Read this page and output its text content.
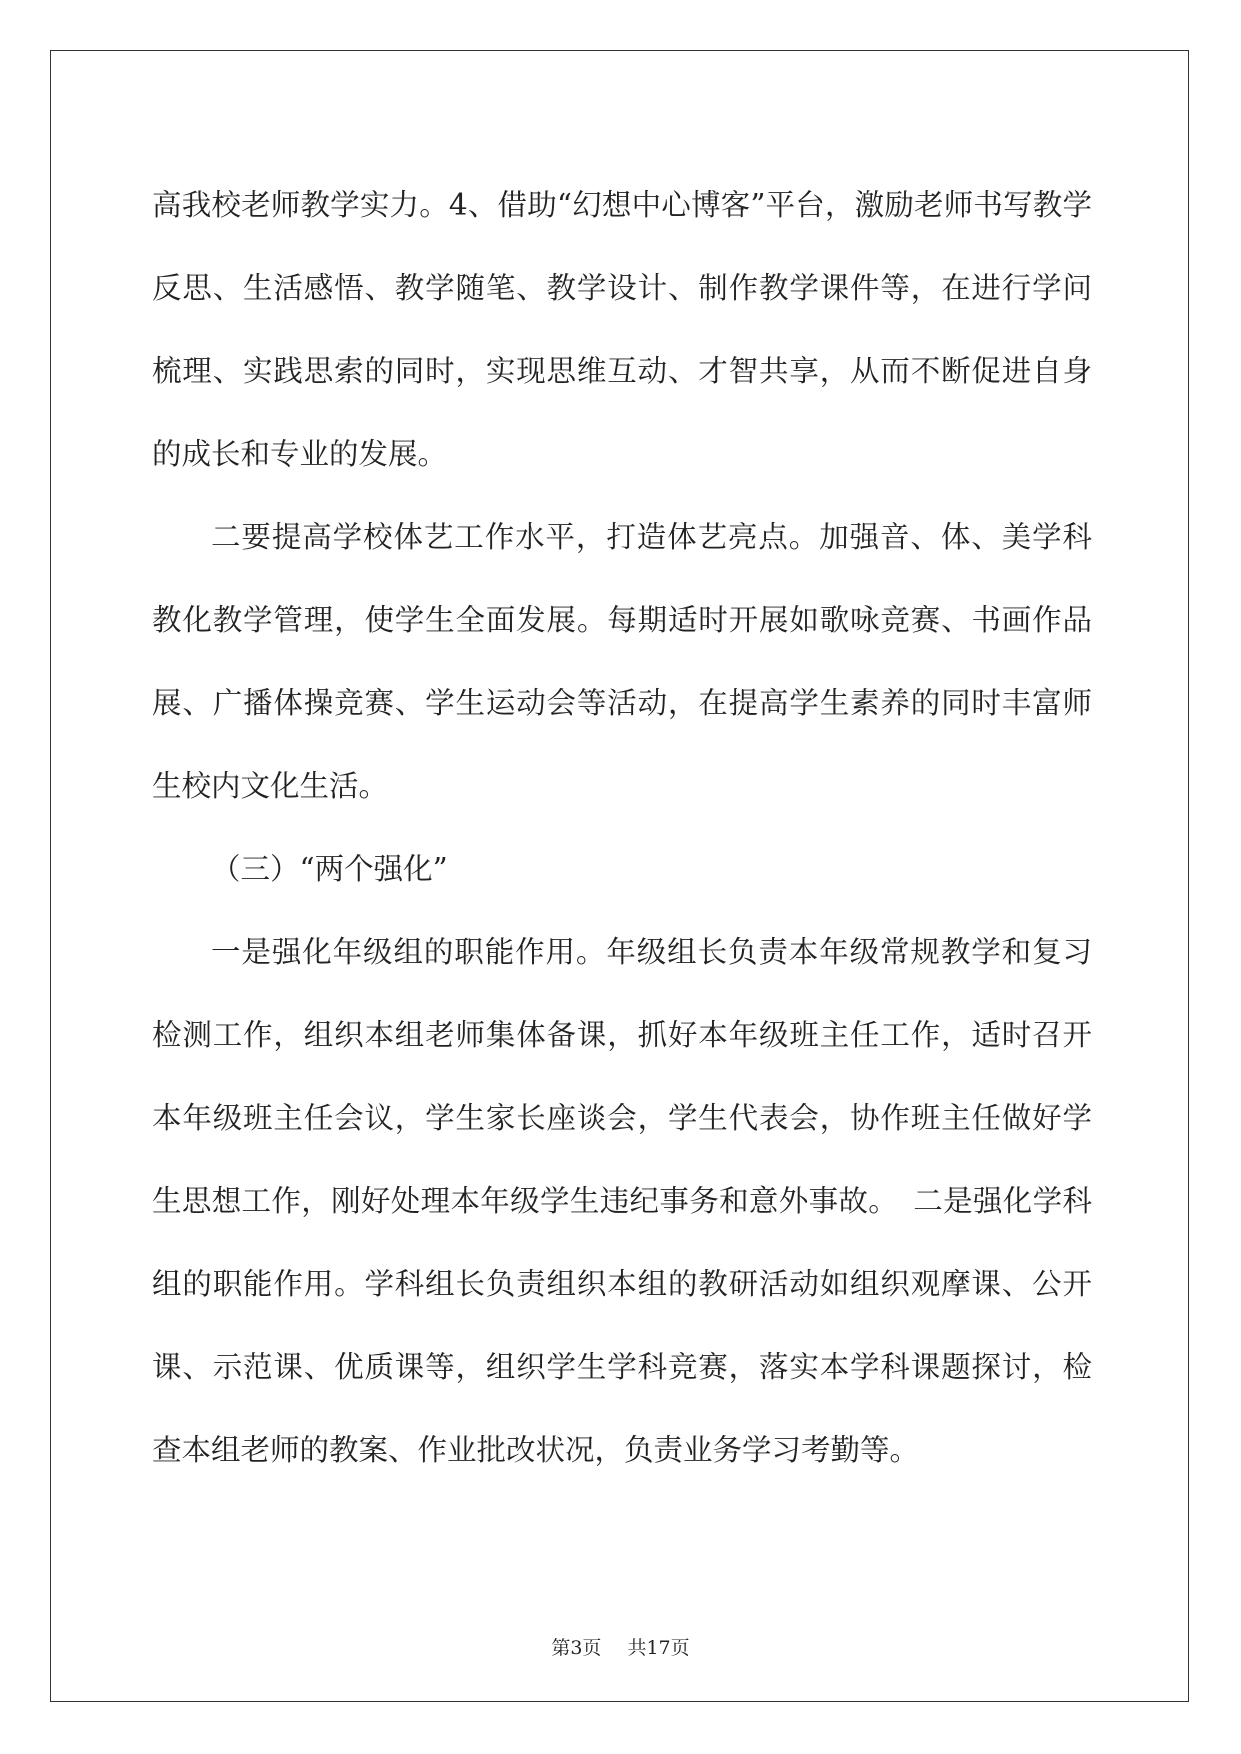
高我校老师教学实力。4、借助“幻想中心博客”平台，激励老师书写教学反思、生活感悟、教学随笔、教学设计、制作教学课件等，在进行学问梳理、实践思索的同时，实现思维互动、才智共享，从而不断促进自身的成长和专业的发展。

二要提高学校体艺工作水平，打造体艺亮点。加强音、体、美学科教化教学管理，使学生全面发展。每期适时开展如歌咏竞赛、书画作品展、广播体操竞赛、学生运动会等活动，在提高学生素养的同时丰富师生校内文化生活。

（三）“两个强化”

一是强化年级组的职能作用。年级组长负责本年级常规教学和复习检测工作，组织本组老师集体备课，抓好本年级班主任工作，适时召开本年级班主任会议，学生家长座谈会，学生代表会，协作班主任做好学生思想工作，刚好处理本年级学生违纪事务和意外事故。　二是强化学科组的职能作用。学科组长负责组织本组的教研活动如组织观摩课、公开课、示范课、优质课等，组织学生学科竞赛，落实本学科课题探讨，检查本组老师的教案、作业批改状况，负责业务学习考勤等。

第3页 共17页
